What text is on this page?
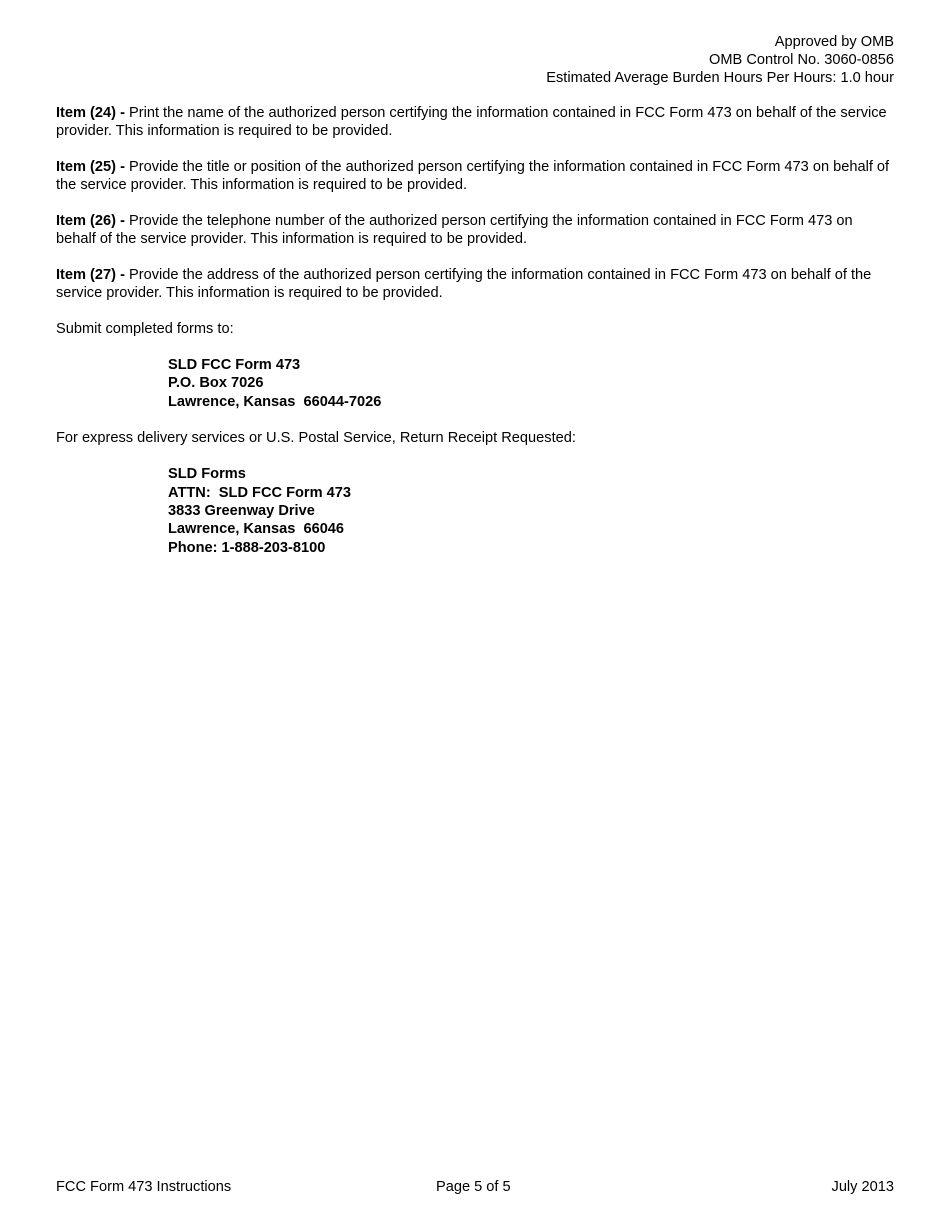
Approved by OMB
OMB Control No. 3060-0856
Estimated Average Burden Hours Per Hours: 1.0 hour

Item (24) - Print the name of the authorized person certifying the information contained in FCC Form 473 on behalf of the service provider. This information is required to be provided.

Item (25) - Provide the title or position of the authorized person certifying the information contained in FCC Form 473 on behalf of the service provider. This information is required to be provided.

Item (26) - Provide the telephone number of the authorized person certifying the information contained in FCC Form 473 on behalf of the service provider. This information is required to be provided.

Item (27) - Provide the address of the authorized person certifying the information contained in FCC Form 473 on behalf of the service provider. This information is required to be provided.

Submit completed forms to:

SLD FCC Form 473
P.O. Box 7026
Lawrence, Kansas  66044-7026

For express delivery services or U.S. Postal Service, Return Receipt Requested:

SLD Forms
ATTN:  SLD FCC Form 473
3833 Greenway Drive
Lawrence, Kansas  66046
Phone: 1-888-203-8100
FCC Form 473 Instructions	Page 5 of 5	July 2013
